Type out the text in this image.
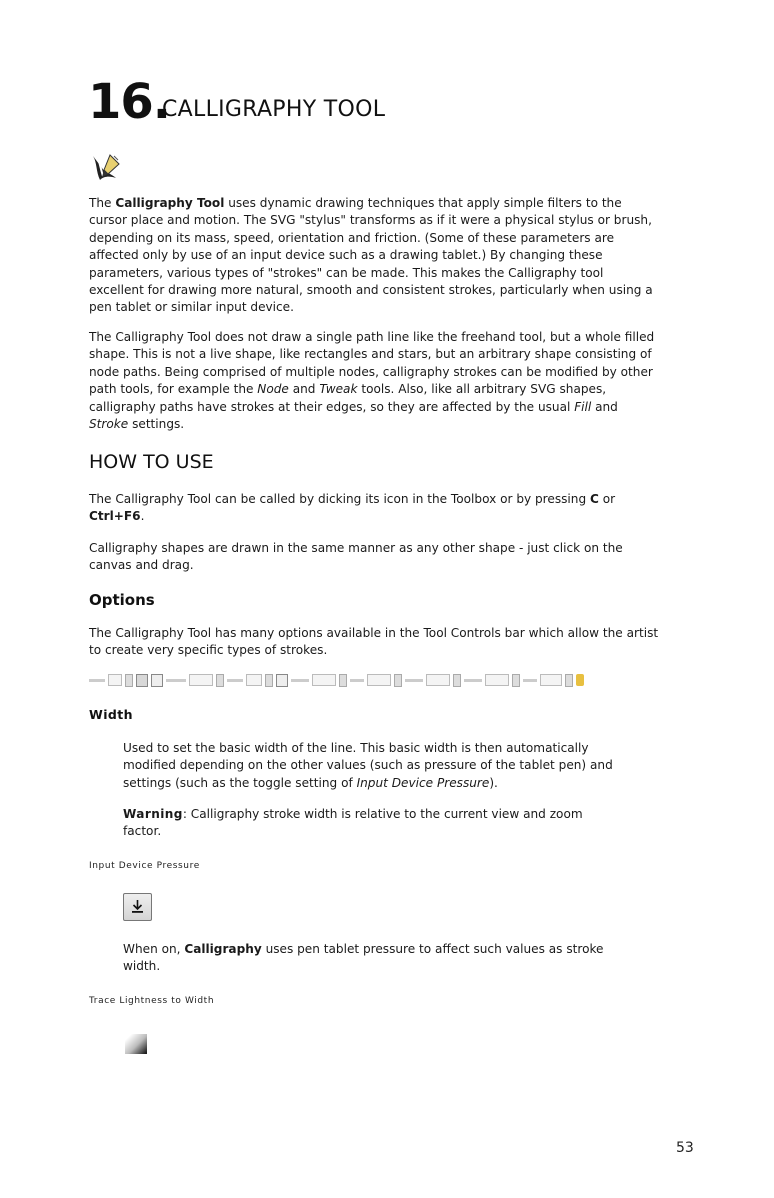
16.
CALLIGRAPHY TOOL
The Calligraphy Tool uses dynamic drawing techniques that apply simple filters to the cursor place and motion. The SVG "stylus" transforms as if it were a physical stylus or brush, depending on its mass, speed, orientation and friction. (Some of these parameters are affected only by use of an input device such as a drawing tablet.) By changing these parameters, various types of "strokes" can be made. This makes the Calligraphy tool excellent for drawing more natural, smooth and consistent strokes, particularly when using a pen tablet or similar input device.
The Calligraphy Tool does not draw a single path line like the freehand tool, but a whole filled shape. This is not a live shape, like rectangles and stars, but an arbitrary shape consisting of node paths. Being comprised of multiple nodes, calligraphy strokes can be modified by other path tools, for example the Node and Tweak tools. Also, like all arbitrary SVG shapes, calligraphy paths have strokes at their edges, so they are affected by the usual Fill and Stroke settings.
HOW TO USE
The Calligraphy Tool can be called by dicking its icon in the Toolbox or by pressing C or Ctrl+F6.
Calligraphy shapes are drawn in the same manner as any other shape - just click on the canvas and drag.
Options
The Calligraphy Tool has many options available in the Tool Controls bar which allow the artist to create very specific types of strokes.
Width
Used to set the basic width of the line. This basic width is then automatically modified depending on the other values (such as pressure of the tablet pen) and settings (such as the toggle setting of Input Device Pressure).
Warning: Calligraphy stroke width is relative to the current view and zoom factor.
Input Device Pressure
When on, Calligraphy uses pen tablet pressure to affect such values as stroke width.
Trace Lightness to Width
53
